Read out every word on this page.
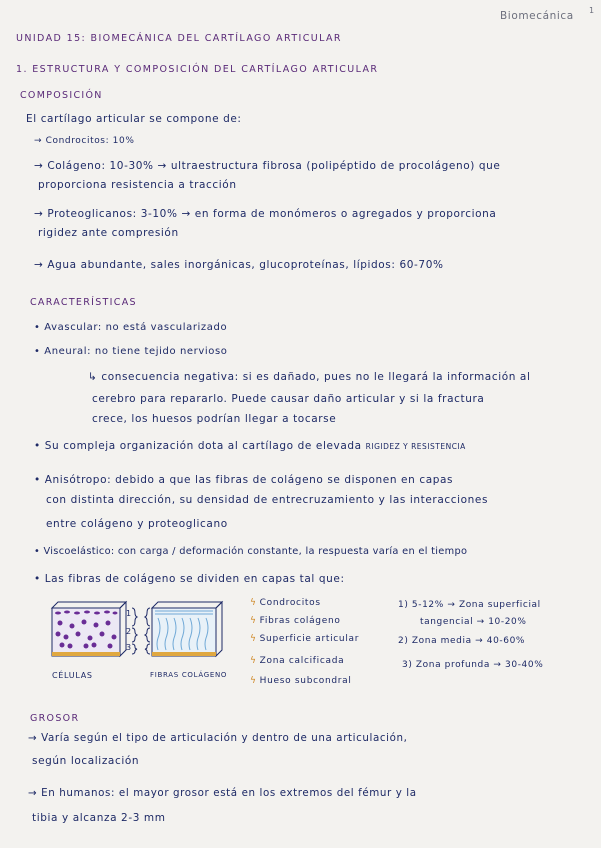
Biomecánica 1
UNIDAD 15: BIOMECÁNICA DEL CARTÍLAGO ARTICULAR
1. ESTRUCTURA Y COMPOSICIÓN DEL CARTÍLAGO ARTICULAR
COMPOSICIÓN
El cartílago articular se compone de:
→ Condrocitos: 10%
→ Colágeno: 10-30% → ultraestructura fibrosa (polipéptido de procolágeno) que
proporciona resistencia a tracción
→ Proteoglicanos: 3-10% → en forma de monómeros o agregados y proporciona
rigidez ante compresión
→ Agua abundante, sales inorgánicas, glucoproteínas, lípidos: 60-70%
CARACTERÍSTICAS
• Avascular: no está vascularizado
• Aneural: no tiene tejido nervioso
↳ consecuencia negativa: si es dañado, pues no le llegará la información al
cerebro para repararlo. Puede causar daño articular y si la fractura
crece, los huesos podrían llegar a tocarse
• Su compleja organización dota al cartílago de elevada RIGIDEZ Y RESISTENCIA
• Anisótropo: debido a que las fibras de colágeno se disponen en capas
con distinta dirección, su densidad de entrecruzamiento y las interacciones
entre colágeno y proteoglicano
• Viscoelástico: con carga / deformación constante, la respuesta varía en el tiempo
• Las fibras de colágeno se dividen en capas tal que:
1
2
3
CÉLULAS	FIBRAS COLÁGENO
ϟ Condrocitos
ϟ Fibras colágeno
ϟ Superficie articular
ϟ Zona calcificada
ϟ Hueso subcondral
1) 5-12% → Zona superficial
tangencial → 10-20%
2) Zona media → 40-60%
3) Zona profunda → 30-40%
GROSOR
→ Varía según el tipo de articulación y dentro de una articulación,
según localización
→ En humanos: el mayor grosor está en los extremos del fémur y la
tibia y alcanza 2-3 mm
